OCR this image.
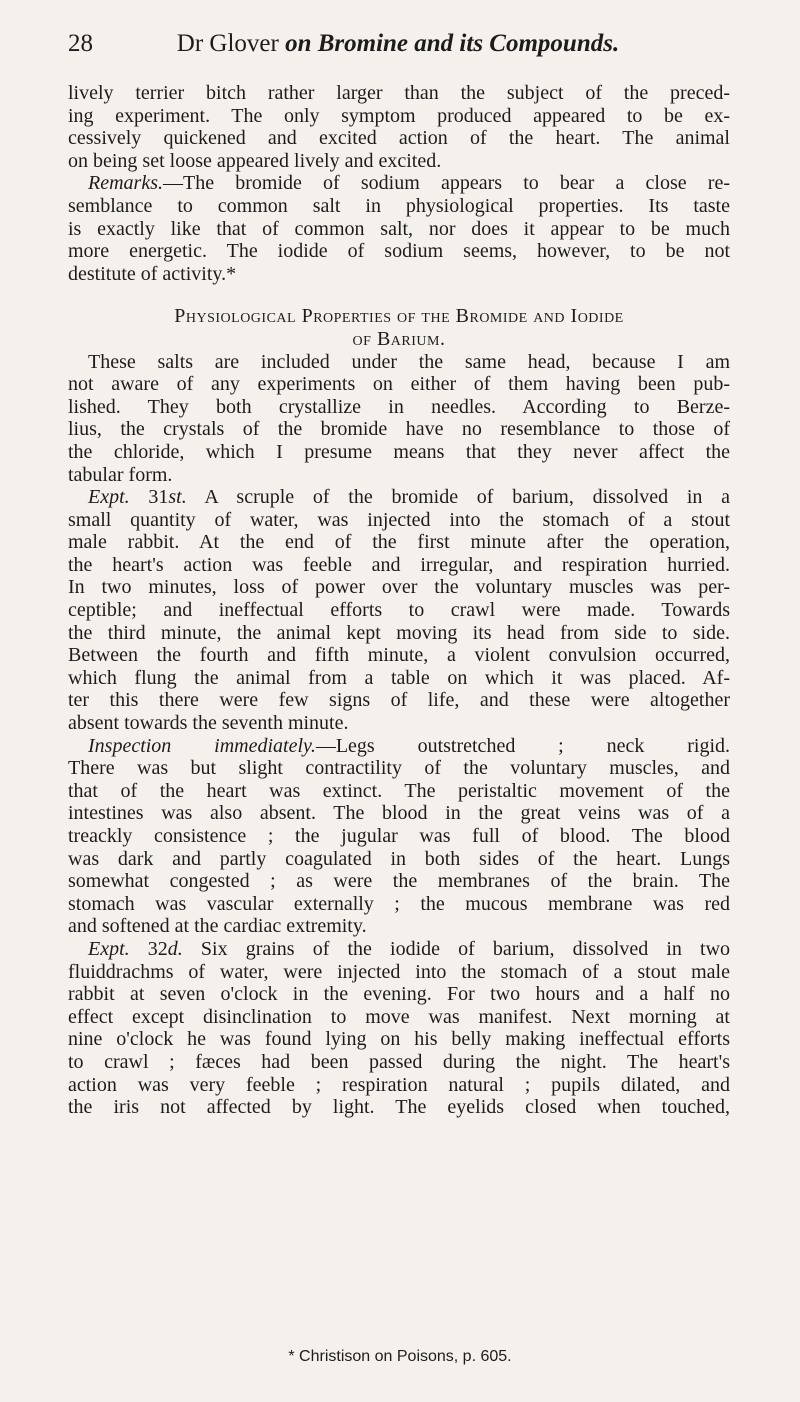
28	Dr Glover on Bromine and its Compounds.
lively terrier bitch rather larger than the subject of the preced-
ing experiment. The only symptom produced appeared to be ex-
cessively quickened and excited action of the heart. The animal
on being set loose appeared lively and excited.
Remarks.—The bromide of sodium appears to bear a close re-
semblance to common salt in physiological properties. Its taste
is exactly like that of common salt, nor does it appear to be much
more energetic. The iodide of sodium seems, however, to be not
destitute of activity.*
Physiological Properties of the Bromide and Iodide
of Barium.
These salts are included under the same head, because I am
not aware of any experiments on either of them having been pub-
lished. They both crystallize in needles. According to Berze-
lius, the crystals of the bromide have no resemblance to those of
the chloride, which I presume means that they never affect the
tabular form.
Expt. 31st. A scruple of the bromide of barium, dissolved in a
small quantity of water, was injected into the stomach of a stout
male rabbit. At the end of the first minute after the operation,
the heart's action was feeble and irregular, and respiration hurried.
In two minutes, loss of power over the voluntary muscles was per-
ceptible; and ineffectual efforts to crawl were made. Towards
the third minute, the animal kept moving its head from side to side.
Between the fourth and fifth minute, a violent convulsion occurred,
which flung the animal from a table on which it was placed. Af-
ter this there were few signs of life, and these were altogether
absent towards the seventh minute.
Inspection immediately.—Legs outstretched ; neck rigid.
There was but slight contractility of the voluntary muscles, and
that of the heart was extinct. The peristaltic movement of the
intestines was also absent. The blood in the great veins was of a
treackly consistence ; the jugular was full of blood. The blood
was dark and partly coagulated in both sides of the heart. Lungs
somewhat congested ; as were the membranes of the brain. The
stomach was vascular externally ; the mucous membrane was red
and softened at the cardiac extremity.
Expt. 32d. Six grains of the iodide of barium, dissolved in two
fluiddrachms of water, were injected into the stomach of a stout male
rabbit at seven o'clock in the evening. For two hours and a half no
effect except disinclination to move was manifest. Next morning at
nine o'clock he was found lying on his belly making ineffectual efforts
to crawl ; fæces had been passed during the night. The heart's
action was very feeble ; respiration natural ; pupils dilated, and
the iris not affected by light. The eyelids closed when touched,
* Christison on Poisons, p. 605.
